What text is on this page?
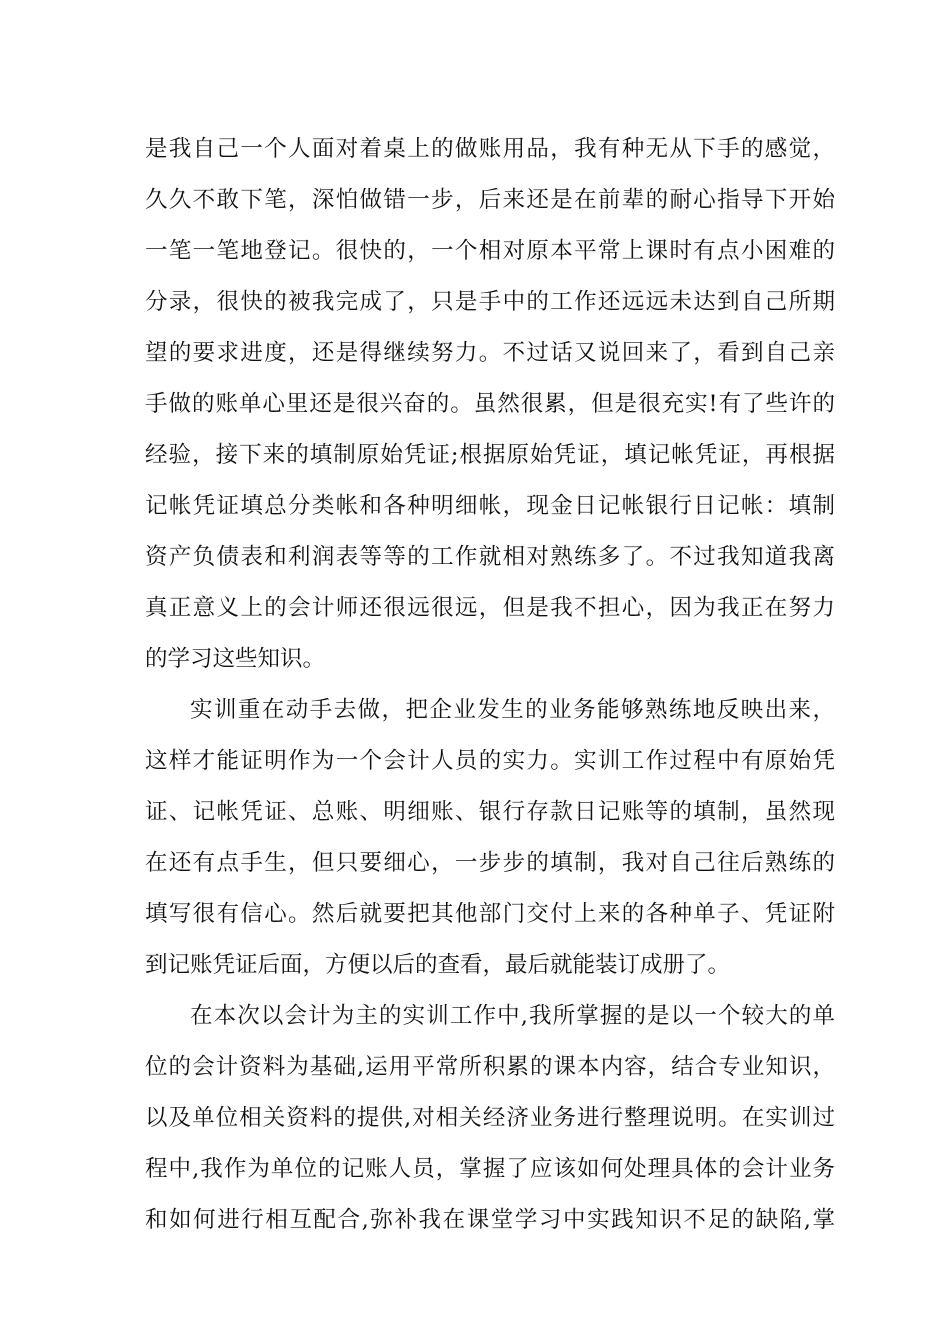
是我自己一个人面对着桌上的做账用品，我有种无从下手的感觉，
久久不敢下笔，深怕做错一步，后来还是在前辈的耐心指导下开始
一笔一笔地登记。很快的，一个相对原本平常上课时有点小困难的
分录，很快的被我完成了，只是手中的工作还远远未达到自己所期
望的要求进度，还是得继续努力。不过话又说回来了，看到自己亲
手做的账单心里还是很兴奋的。虽然很累，但是很充实!有了些许的
经验，接下来的填制原始凭证;根据原始凭证，填记帐凭证，再根据
记帐凭证填总分类帐和各种明细帐，现金日记帐银行日记帐：填制
资产负债表和利润表等等的工作就相对熟练多了。不过我知道我离
真正意义上的会计师还很远很远，但是我不担心，因为我正在努力
的学习这些知识。
实训重在动手去做，把企业发生的业务能够熟练地反映出来，
这样才能证明作为一个会计人员的实力。实训工作过程中有原始凭
证、记帐凭证、总账、明细账、银行存款日记账等的填制，虽然现
在还有点手生，但只要细心，一步步的填制，我对自己往后熟练的
填写很有信心。然后就要把其他部门交付上来的各种单子、凭证附
到记账凭证后面，方便以后的查看，最后就能装订成册了。
在本次以会计为主的实训工作中,我所掌握的是以一个较大的单
位的会计资料为基础,运用平常所积累的课本内容，结合专业知识，
以及单位相关资料的提供,对相关经济业务进行整理说明。在实训过
程中,我作为单位的记账人员，掌握了应该如何处理具体的会计业务
和如何进行相互配合,弥补我在课堂学习中实践知识不足的缺陷,掌
